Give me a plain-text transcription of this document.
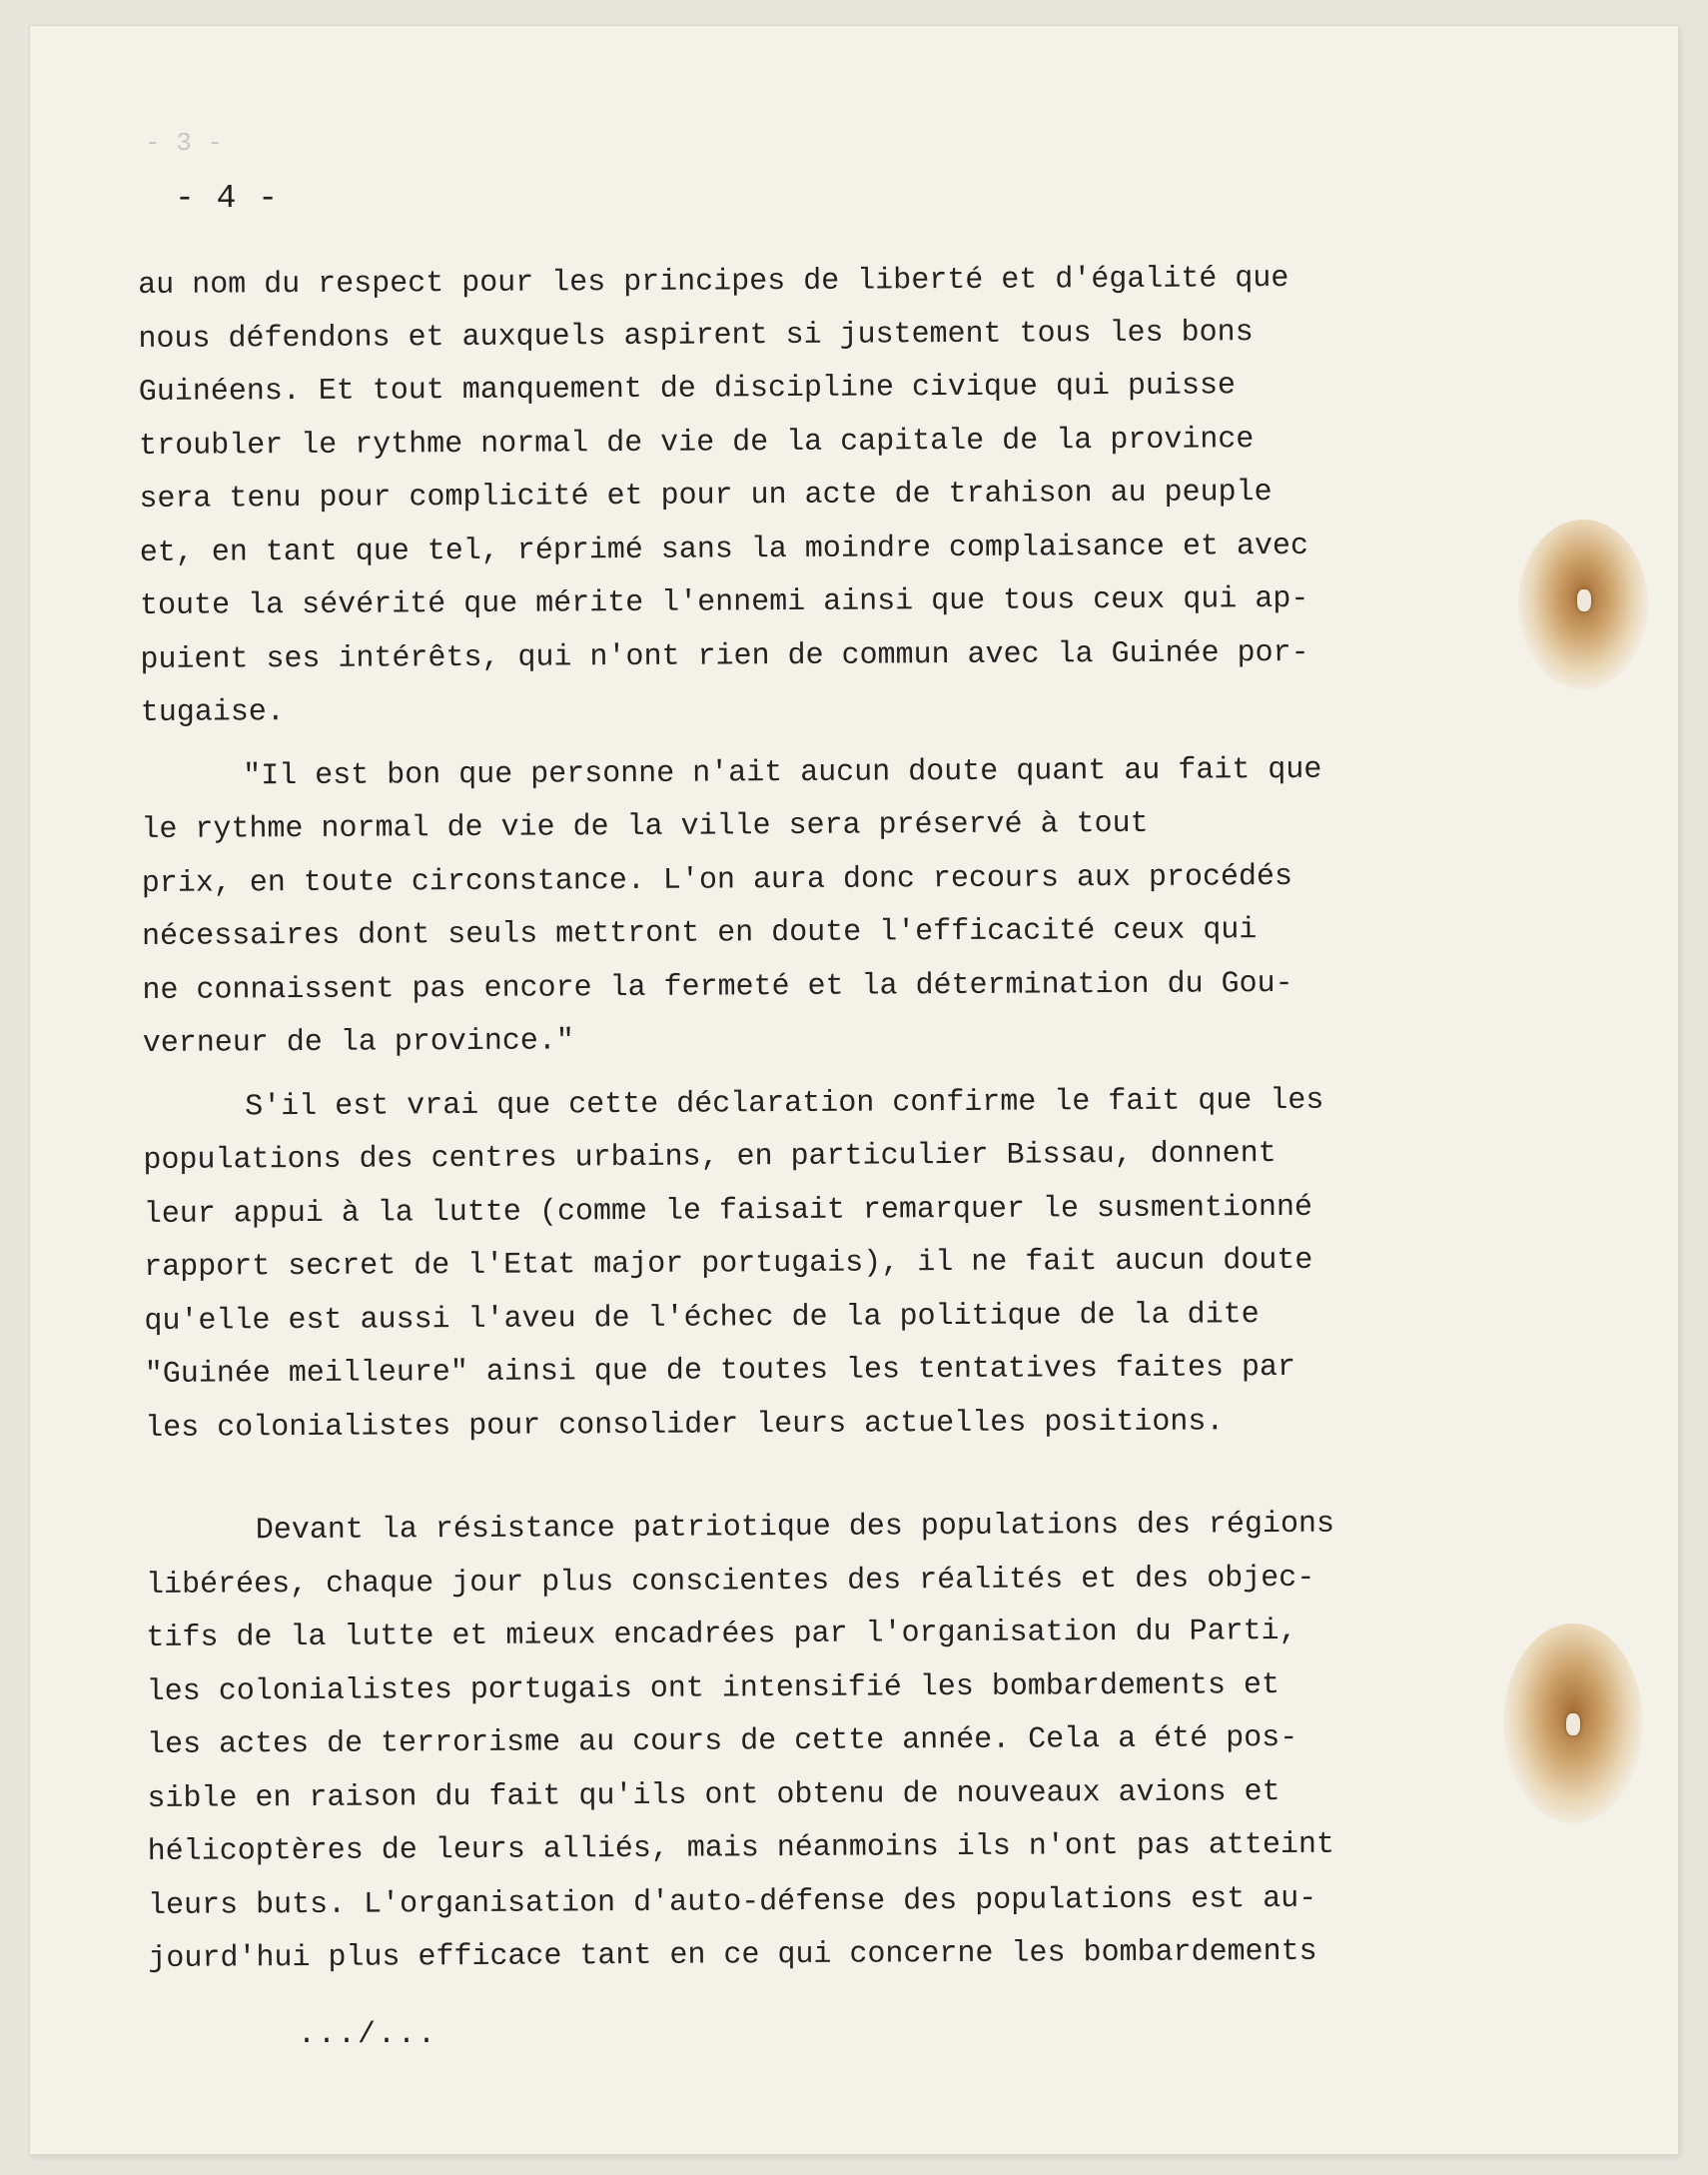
- 3 -
- 4 -
au nom du respect pour les principes de liberté et d'égalité que
nous défendons et auxquels aspirent si justement tous les bons
Guinéens. Et tout manquement de discipline civique qui puisse
troubler le rythme normal de vie de la capitale de la province
sera tenu pour complicité et pour un acte de trahison au peuple
et, en tant que tel, réprimé sans la moindre complaisance et avec
toute la sévérité que mérite l'ennemi ainsi que tous ceux qui ap-
puient ses intérêts, qui n'ont rien de commun avec la Guinée por-
tugaise.
"Il est bon que personne n'ait aucun doute quant au fait que
le rythme normal de vie de la ville sera préservé à tout
prix, en toute circonstance. L'on aura donc recours aux procédés
nécessaires dont seuls mettront en doute l'efficacité ceux qui
ne connaissent pas encore la fermeté et la détermination du Gou-
verneur de la province."
S'il est vrai que cette déclaration confirme le fait que les
populations des centres urbains, en particulier Bissau, donnent
leur appui à la lutte (comme le faisait remarquer le susmentionné
rapport secret de l'Etat major portugais), il ne fait aucun doute
qu'elle est aussi l'aveu de l'échec de la politique de la dite
"Guinée meilleure" ainsi que de toutes les tentatives faites par
les colonialistes pour consolider leurs actuelles positions.
Devant la résistance patriotique des populations des régions
libérées, chaque jour plus conscientes des réalités et des objec-
tifs de la lutte et mieux encadrées par l'organisation du Parti,
les colonialistes portugais ont intensifié les bombardements et
les actes de terrorisme au cours de cette année. Cela a été pos-
sible en raison du fait qu'ils ont obtenu de nouveaux avions et
hélicoptères de leurs alliés, mais néanmoins ils n'ont pas atteint
leurs buts. L'organisation d'auto-défense des populations est au-
jourd'hui plus efficace tant en ce qui concerne les bombardements
.../...
